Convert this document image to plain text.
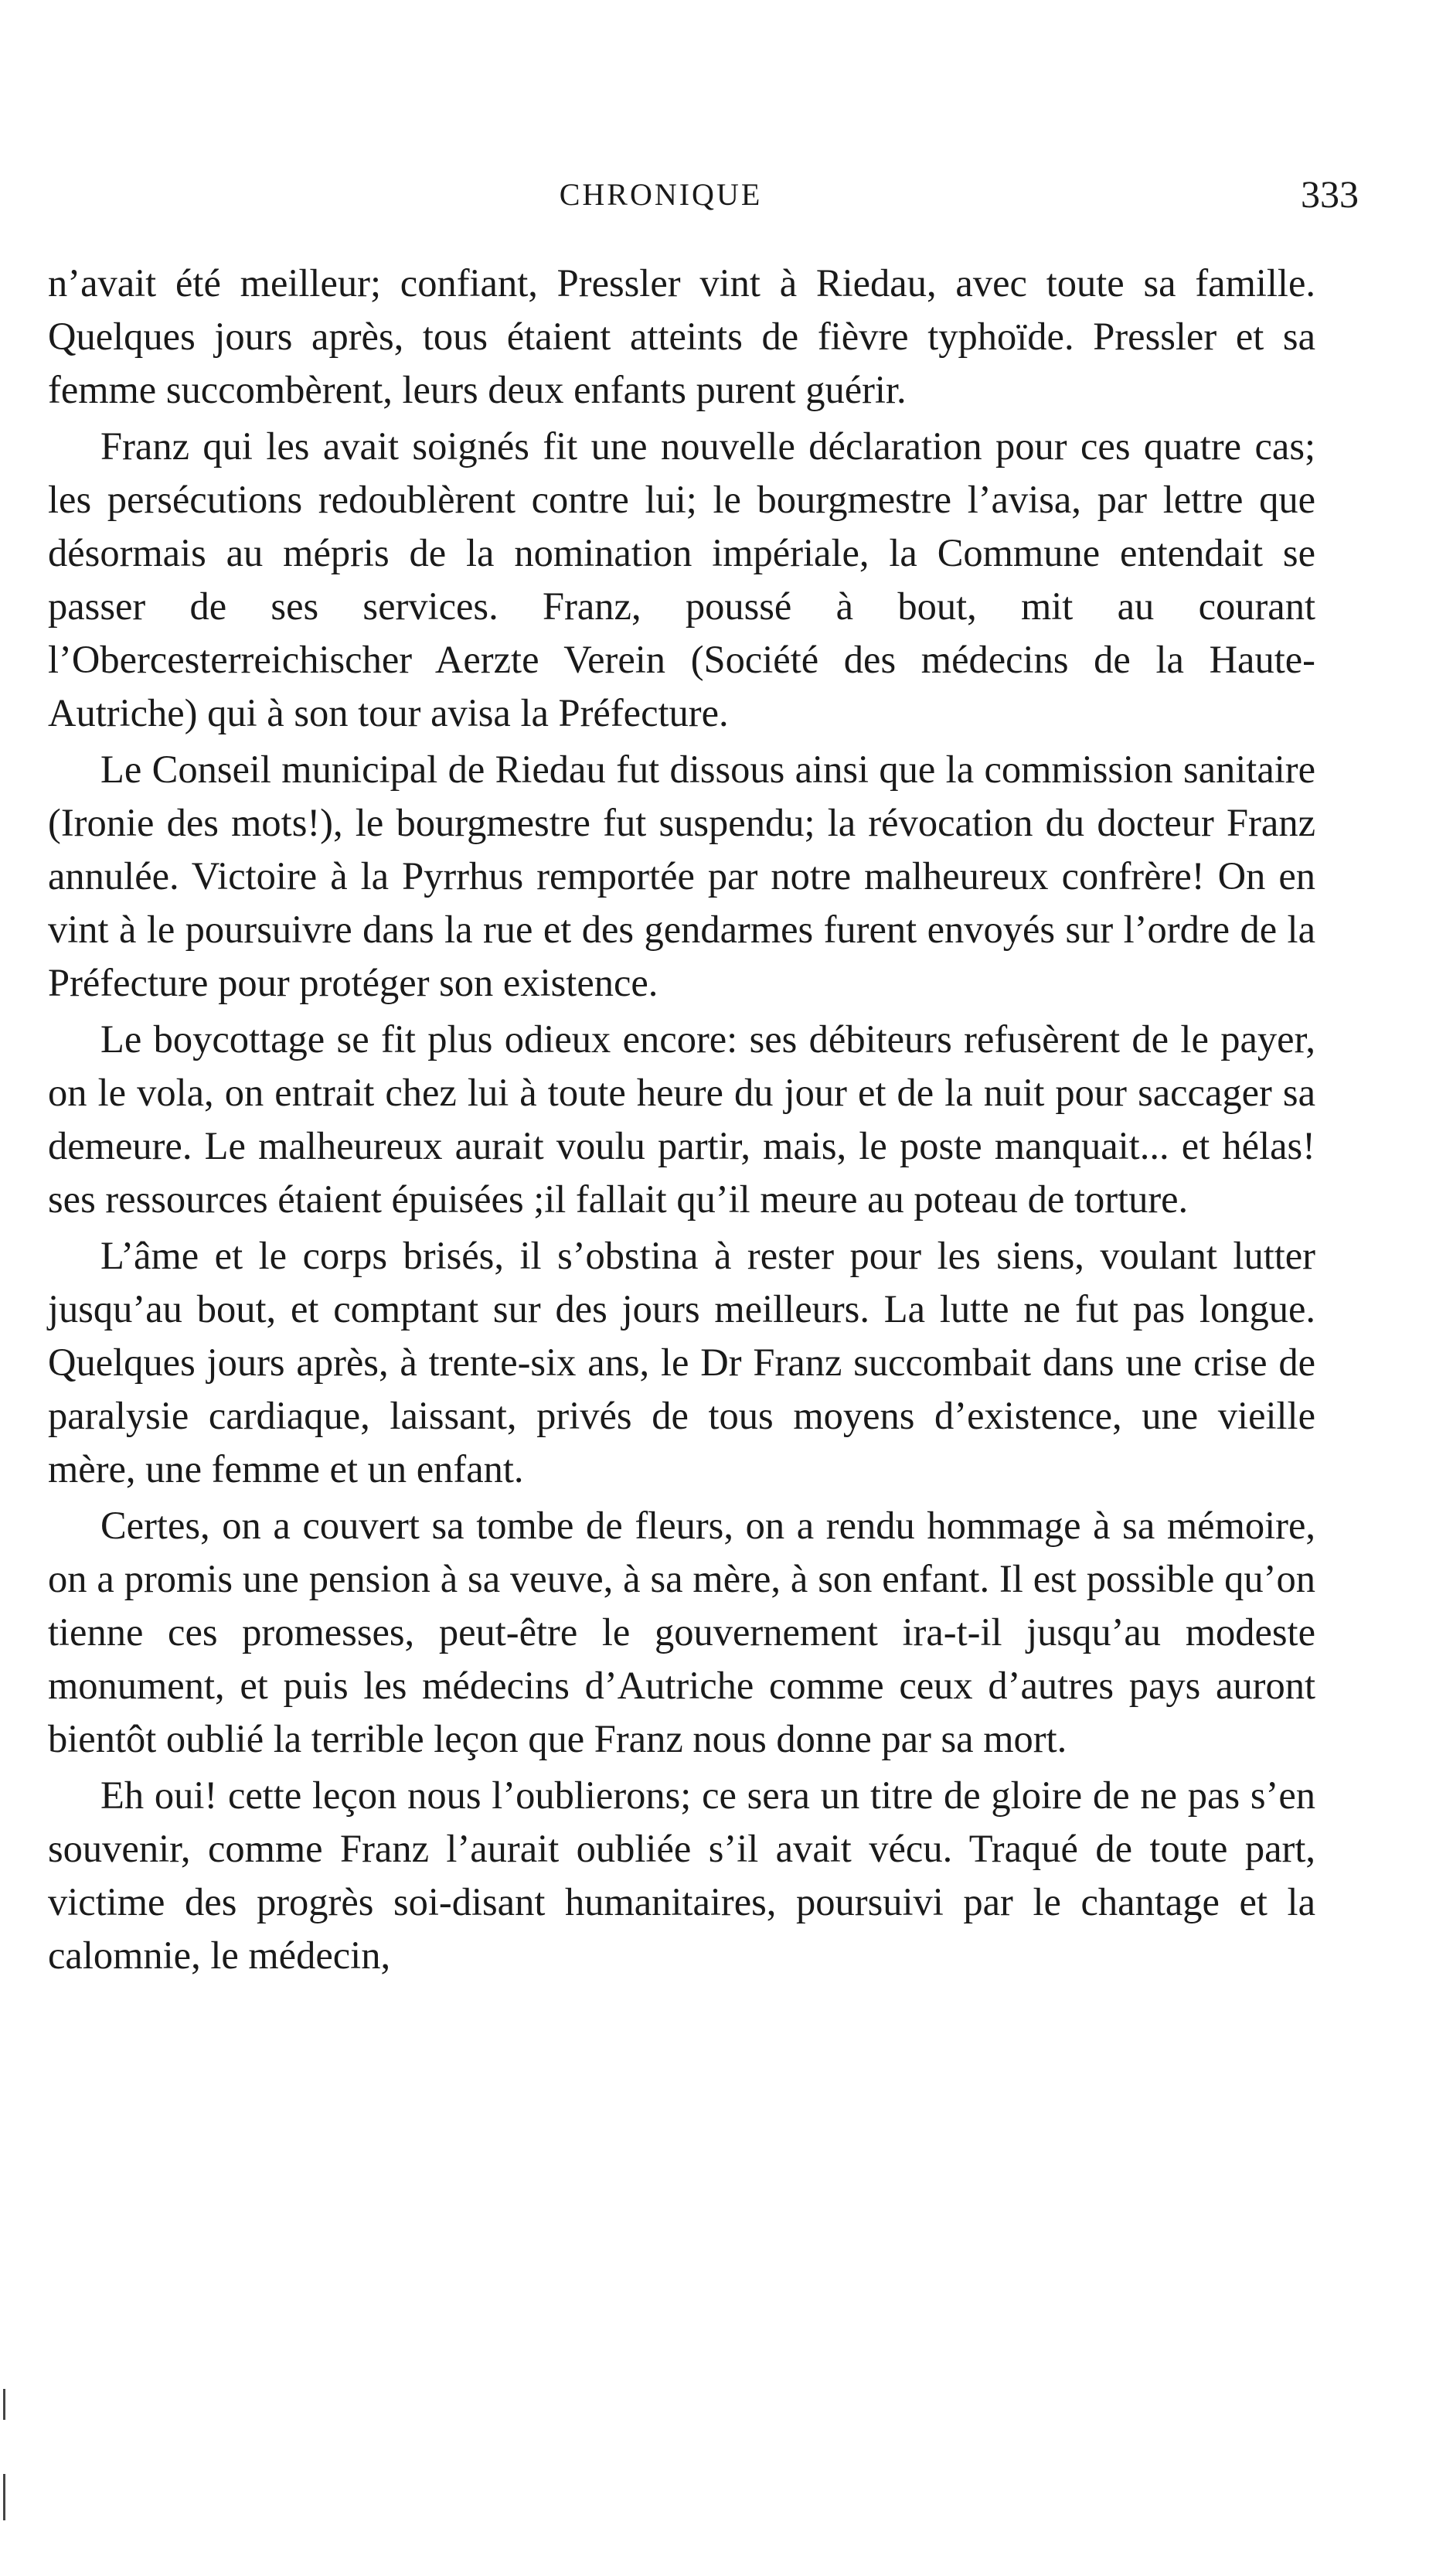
CHRONIQUE	333

n’avait été meilleur; confiant, Pressler vint à Riedau, avec toute sa famille. Quelques jours après, tous étaient atteints de fièvre typhoïde. Pressler et sa femme succombèrent, leurs deux enfants purent guérir.

Franz qui les avait soignés fit une nouvelle déclaration pour ces quatre cas; les persécutions redoublèrent contre lui; le bourgmestre l’avisa, par lettre que désormais au mépris de la nomination impériale, la Commune entendait se passer de ses services. Franz, poussé à bout, mit au courant l’Obercesterreichischer Aerzte Verein (Société des médecins de la Haute-Autriche) qui à son tour avisa la Préfecture.

Le Conseil municipal de Riedau fut dissous ainsi que la commission sanitaire (Ironie des mots!), le bourgmestre fut suspendu; la révocation du docteur Franz annulée. Victoire à la Pyrrhus remportée par notre malheureux confrère! On en vint à le poursuivre dans la rue et des gendarmes furent envoyés sur l’ordre de la Préfecture pour protéger son existence.

Le boycottage se fit plus odieux encore: ses débiteurs refusèrent de le payer, on le vola, on entrait chez lui à toute heure du jour et de la nuit pour saccager sa demeure. Le malheureux aurait voulu partir, mais, le poste manquait... et hélas! ses ressources étaient épuisées ;il fallait qu’il meure au poteau de torture.

L’âme et le corps brisés, il s’obstina à rester pour les siens, voulant lutter jusqu’au bout, et comptant sur des jours meilleurs. La lutte ne fut pas longue. Quelques jours après, à trente-six ans, le Dr Franz succombait dans une crise de paralysie cardiaque, laissant, privés de tous moyens d’existence, une vieille mère, une femme et un enfant.

Certes, on a couvert sa tombe de fleurs, on a rendu hommage à sa mémoire, on a promis une pension à sa veuve, à sa mère, à son enfant. Il est possible qu’on tienne ces promesses, peut-être le gouvernement ira-t-il jusqu’au modeste monument, et puis les médecins d’Autriche comme ceux d’autres pays auront bientôt oublié la terrible leçon que Franz nous donne par sa mort.

Eh oui! cette leçon nous l’oublierons; ce sera un titre de gloire de ne pas s’en souvenir, comme Franz l’aurait oubliée s’il avait vécu. Traqué de toute part, victime des progrès soi-disant humanitaires, poursuivi par le chantage et la calomnie, le médecin,
